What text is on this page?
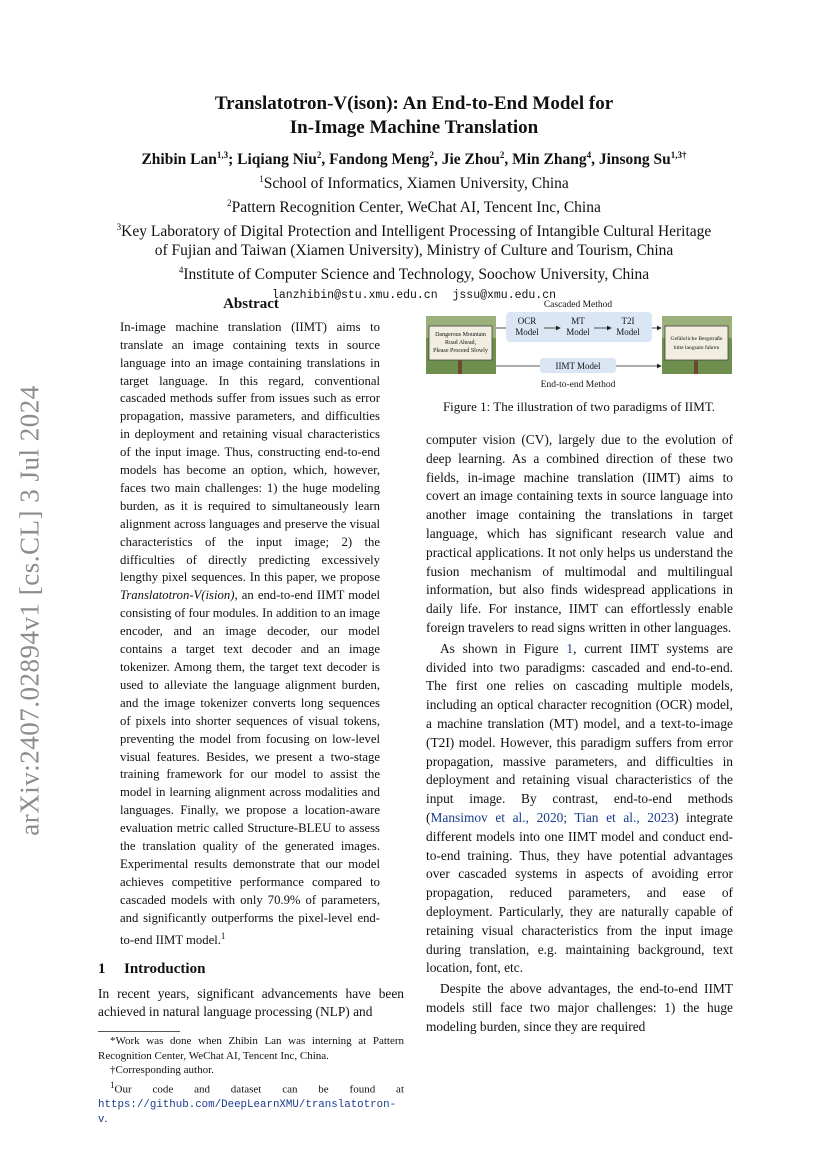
arXiv:2407.02894v1 [cs.CL] 3 Jul 2024
Translatotron-V(ison): An End-to-End Model for
In-Image Machine Translation
Zhibin Lan$^{1,3}$; Liqiang Niu$^2$, Fandong Meng$^2$, Jie Zhou$^2$, Min Zhang$^4$, Jinsong $Su^{1,3\dagger}$
$^1$School of Informatics, Xiamen University, China
$^2$Pattern Recognition Center, WeChat AI, Tencent Inc, China
$^3$Key Laboratory of Digital Protection and Intelligent Processing of Intangible Cultural Heritage
of Fujian and Taiwan (Xiamen University), Ministry of Culture and Tourism, China
$^4$Institute of Computer Science and Technology, Soochow University, China
lanzhibin@stu.xmu.edu.cn jssu@xmu.edu.cn
Abstract

In-image machine translation (IIMT) aims to translate an image containing texts in source language into an image containing translations in target language. In this regard, conventional cascaded methods suffer from issues such as error propagation, massive parameters, and difficulties in deployment and retaining visual characteristics of the input image. Thus, constructing end-to-end models has become an option, which, however, faces two main challenges: 1) the huge modeling burden, as it is required to simultaneously learn alignment across languages and preserve the visual characteristics of the input image; 2) the difficulties of directly predicting excessively lengthy pixel sequences. In this paper, we propose Translatotron-V(ision), an end-to-end IIMT model consisting of four modules. In addition to an image encoder, and an image decoder, our model contains a target text decoder and an image tokenizer. Among them, the target text decoder is used to alleviate the language alignment burden, and the image tokenizer converts long sequences of pixels into shorter sequences of visual tokens, preventing the model from focusing on low-level visual features. Besides, we present a two-stage training framework for our model to assist the model in learning alignment across modalities and languages. Finally, we propose a location-aware evaluation metric called Structure-BLEU to assess the translation quality of the generated images. Experimental results demonstrate that our model achieves competitive performance compared to cascaded models with only 70.9% of parameters, and significantly outperforms the pixel-level end-to-end IIMT model.$^1$

1 Introduction

In recent years, significant advancements have been achieved in natural language processing (NLP) and

*Work was done when Zhibin Lan was interning at Pattern Recognition Center, WeChat AI, Tencent Inc, China.

†Corresponding author.

$^1$Our code and dataset can be found at https://github.com/DeepLearnXMU/translatotron-v.

Cascaded Method
Dangerous Mountain
Road Ahead,
Please Proceed Slowly
Gefährliche Bergstraße
bitte langsam fahren
OCR
Model
MT
Model
T2I
Model
IIMT Model
End-to-end Method
Figure 1: The illustration of two paradigms of IIMT.

computer vision (CV), largely due to the evolution of deep learning. As a combined direction of these two fields, in-image machine translation (IIMT) aims to covert an image containing texts in source language into another image containing the translations in target language, which has significant research value and practical applications. It not only helps us understand the fusion mechanism of multimodal and multilingual information, but also finds widespread applications in daily life. For instance, IIMT can effortlessly enable foreign travelers to read signs written in other languages.

As shown in Figure 1, current IIMT systems are divided into two paradigms: cascaded and end-to-end. The first one relies on cascading multiple models, including an optical character recognition (OCR) model, a machine translation (MT) model, and a text-to-image (T2I) model. However, this paradigm suffers from error propagation, massive parameters, and difficulties in deployment and retaining visual characteristics of the input image. By contrast, end-to-end methods (Mansimov et al., 2020; Tian et al., 2023) integrate different models into one IIMT model and conduct end-to-end training. Thus, they have potential advantages over cascaded systems in aspects of avoiding error propagation, reduced parameters, and ease of deployment. Particularly, they are naturally capable of retaining visual characteristics from the input image during translation, e.g. maintaining background, text location, font, etc.

Despite the above advantages, the end-to-end IIMT models still face two major challenges: 1) the huge modeling burden, since they are required
